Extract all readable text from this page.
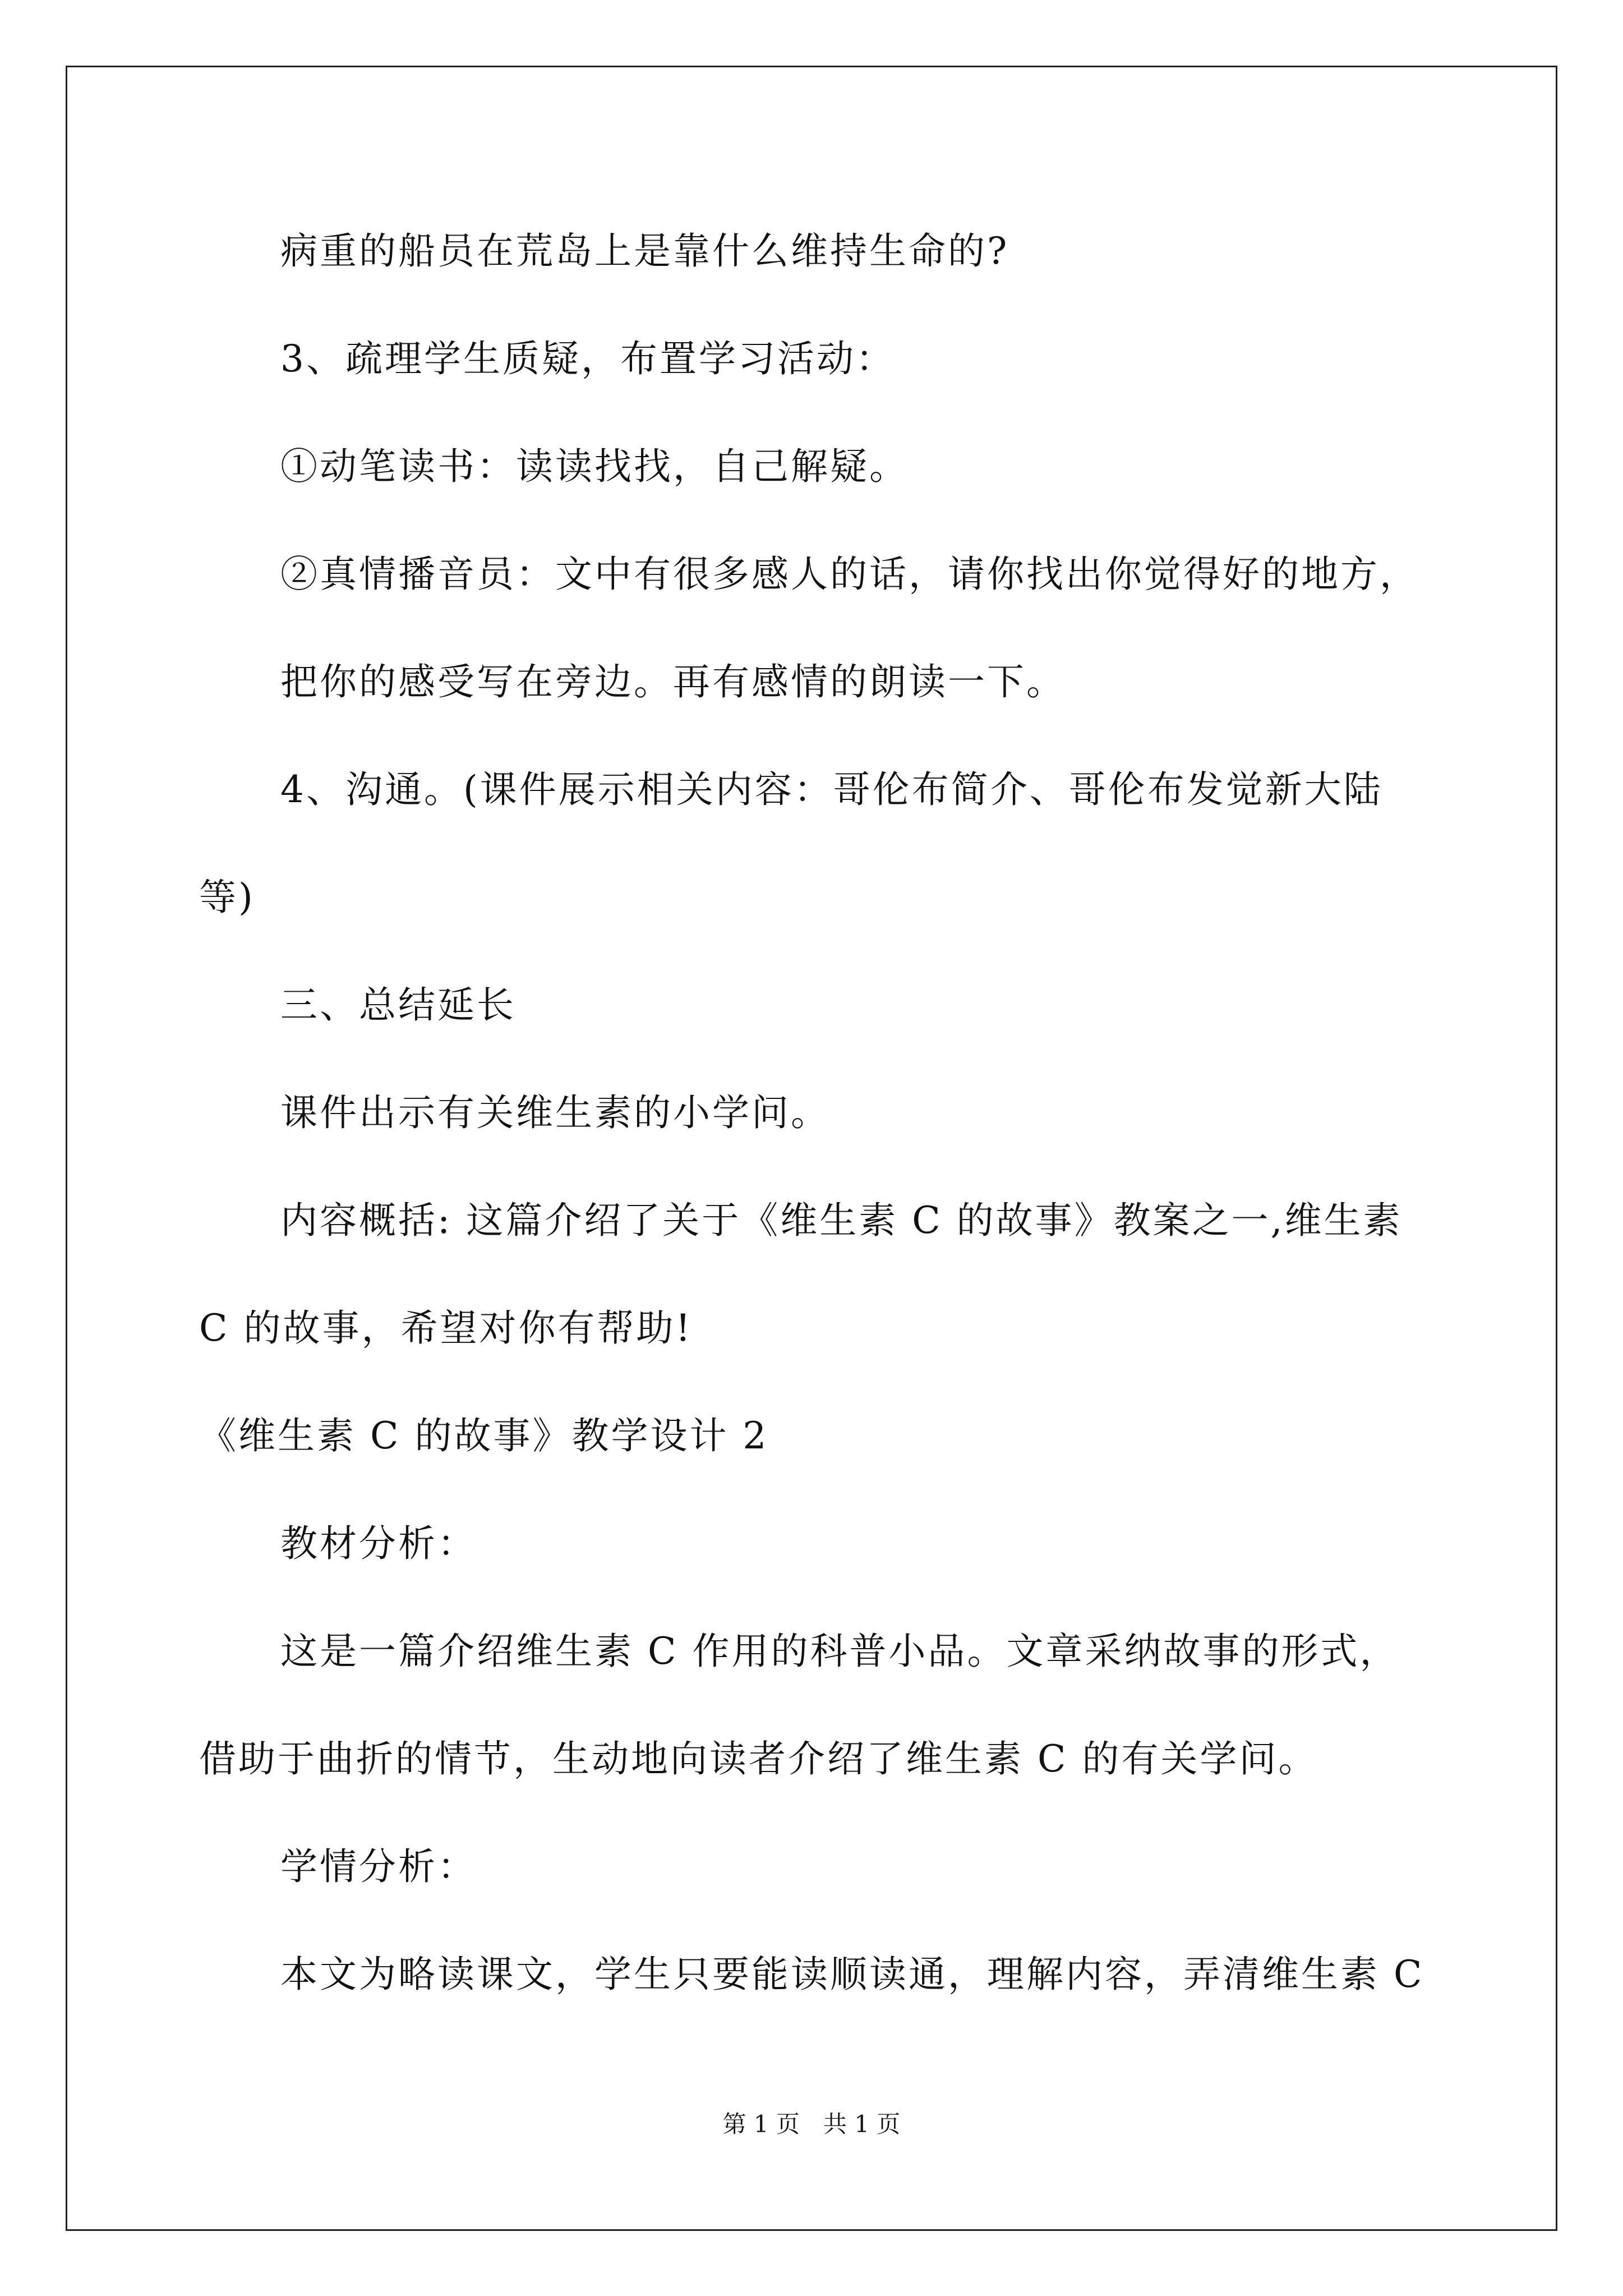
病重的船员在荒岛上是靠什么维持生命的?
3、疏理学生质疑，布置学习活动：
①动笔读书：读读找找，自己解疑。
②真情播音员：文中有很多感人的话，请你找出你觉得好的地方，
把你的感受写在旁边。再有感情的朗读一下。
4、沟通。(课件展示相关内容：哥伦布简介、哥伦布发觉新大陆
等)
三、总结延长
课件出示有关维生素的小学问。
内容概括: 这篇介绍了关于《维生素 C 的故事》教案之一,维生素
C 的故事，希望对你有帮助!
《维生素 C 的故事》教学设计 2
教材分析：
这是一篇介绍维生素 C 作用的科普小品。文章采纳故事的形式，
借助于曲折的情节，生动地向读者介绍了维生素 C 的有关学问。
学情分析：
本文为略读课文，学生只要能读顺读通，理解内容，弄清维生素 C
第 1 页　共 1 页
